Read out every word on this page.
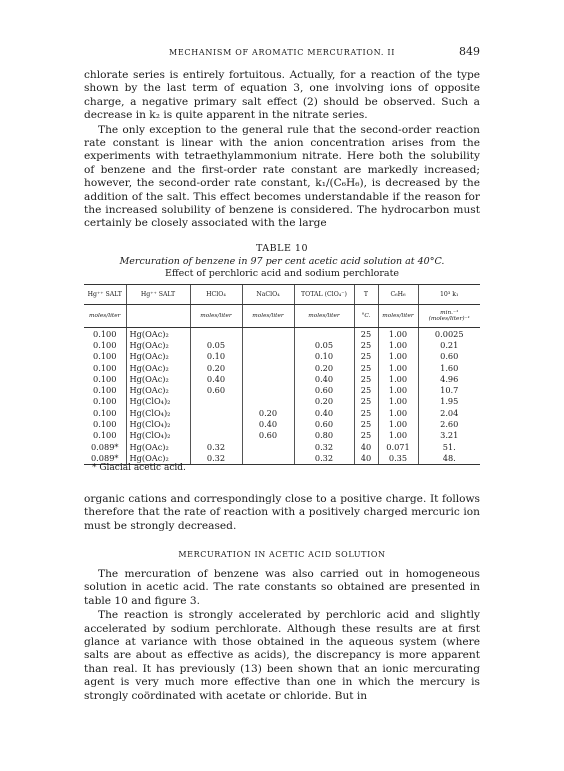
MECHANISM OF AROMATIC MERCURATION. II	849

chlorate series is entirely fortuitous. Actually, for a reaction of the type shown by the last term of equation 3, one involving ions of opposite charge, a negative primary salt effect (2) should be observed. Such a decrease in k₂ is quite apparent in the nitrate series.

The only exception to the general rule that the second-order reaction rate constant is linear with the anion concentration arises from the experiments with tetraethylammonium nitrate. Here both the solubility of benzene and the first-order rate constant are markedly increased; however, the second-order rate constant, k₁/(C₆H₆), is decreased by the addition of the salt. This effect becomes understandable if the reason for the increased solubility of benzene is considered. The hydrocarbon must certainly be closely associated with the large

TABLE 10
Mercuration of benzene in 97 per cent acetic acid solution at 40°C.
Effect of perchloric acid and sodium perchlorate
Hg⁺⁺ SALT	Hg⁺⁺ SALT	HClO₄	NaClO₄	TOTAL (ClO₄⁻)	T	C₆H₆	10³ k₁
moles/liter		moles/liter	moles/liter	moles/liter	°C.	moles/liter	min.⁻¹ (moles/liter)⁻¹
0.100	Hg(OAc)₂				25	1.00	0.0025
0.100	Hg(OAc)₂	0.05		0.05	25	1.00	0.21
0.100	Hg(OAc)₂	0.10		0.10	25	1.00	0.60
0.100	Hg(OAc)₂	0.20		0.20	25	1.00	1.60
0.100	Hg(OAc)₂	0.40		0.40	25	1.00	4.96
0.100	Hg(OAc)₂	0.60		0.60	25	1.00	10.7
0.100	Hg(ClO₄)₂			0.20	25	1.00	1.95
0.100	Hg(ClO₄)₂		0.20	0.40	25	1.00	2.04
0.100	Hg(ClO₄)₂		0.40	0.60	25	1.00	2.60
0.100	Hg(ClO₄)₂		0.60	0.80	25	1.00	3.21
0.089*	Hg(OAc)₂	0.32		0.32	40	0.071	51.
0.089*	Hg(OAc)₂	0.32		0.32	40	0.35	48.
* Glacial acetic acid.

organic cations and correspondingly close to a positive charge. It follows therefore that the rate of reaction with a positively charged mercuric ion must be strongly decreased.

MERCURATION IN ACETIC ACID SOLUTION

The mercuration of benzene was also carried out in homogeneous solution in acetic acid. The rate constants so obtained are presented in table 10 and figure 3.

The reaction is strongly accelerated by perchloric acid and slightly accelerated by sodium perchlorate. Although these results are at first glance at variance with those obtained in the aqueous system (where salts are about as effective as acids), the discrepancy is more apparent than real. It has previously (13) been shown that an ionic mercurating agent is very much more effective than one in which the mercury is strongly coördinated with acetate or chloride. But in
